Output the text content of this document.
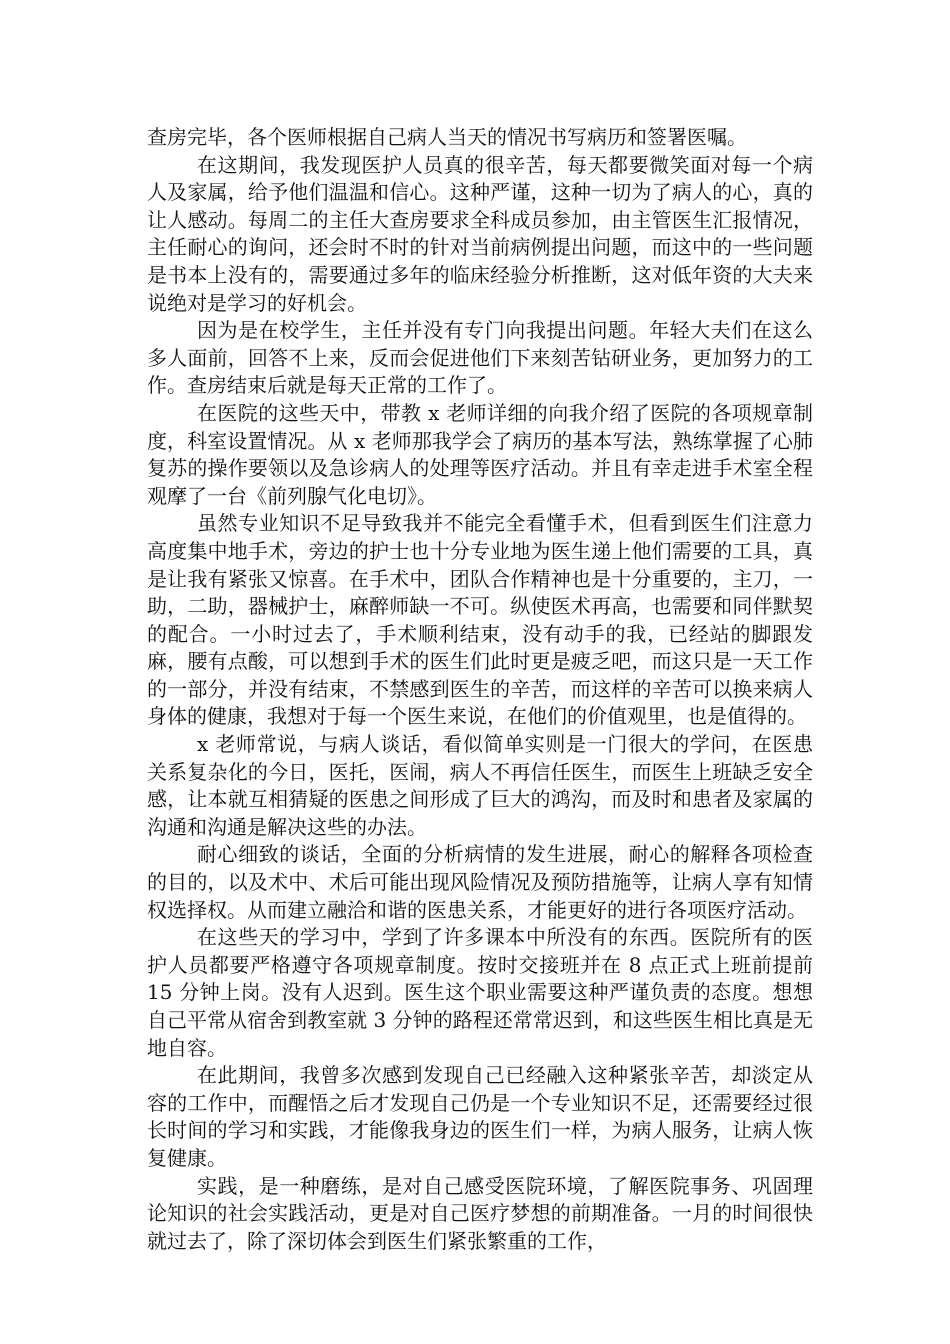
查房完毕，各个医师根据自己病人当天的情况书写病历和签署医嘱。

在这期间，我发现医护人员真的很辛苦，每天都要微笑面对每一个病人及家属，给予他们温温和信心。这种严谨，这种一切为了病人的心，真的让人感动。每周二的主任大查房要求全科成员参加，由主管医生汇报情况，主任耐心的询问，还会时不时的针对当前病例提出问题，而这中的一些问题是书本上没有的，需要通过多年的临床经验分析推断，这对低年资的大夫来说绝对是学习的好机会。

因为是在校学生，主任并没有专门向我提出问题。年轻大夫们在这么多人面前，回答不上来，反而会促进他们下来刻苦钻研业务，更加努力的工作。查房结束后就是每天正常的工作了。

在医院的这些天中，带教 x 老师详细的向我介绍了医院的各项规章制度，科室设置情况。从 x 老师那我学会了病历的基本写法，熟练掌握了心肺复苏的操作要领以及急诊病人的处理等医疗活动。并且有幸走进手术室全程观摩了一台《前列腺气化电切》。

虽然专业知识不足导致我并不能完全看懂手术，但看到医生们注意力高度集中地手术，旁边的护士也十分专业地为医生递上他们需要的工具，真是让我有紧张又惊喜。在手术中，团队合作精神也是十分重要的，主刀，一助，二助，器械护士，麻醉师缺一不可。纵使医术再高，也需要和同伴默契的配合。一小时过去了，手术顺利结束，没有动手的我，已经站的脚跟发麻，腰有点酸，可以想到手术的医生们此时更是疲乏吧，而这只是一天工作的一部分，并没有结束，不禁感到医生的辛苦，而这样的辛苦可以换来病人身体的健康，我想对于每一个医生来说，在他们的价值观里，也是值得的。

x 老师常说，与病人谈话，看似简单实则是一门很大的学问，在医患关系复杂化的今日，医托，医闹，病人不再信任医生，而医生上班缺乏安全感，让本就互相猜疑的医患之间形成了巨大的鸿沟，而及时和患者及家属的沟通和沟通是解决这些的办法。

耐心细致的谈话，全面的分析病情的发生进展，耐心的解释各项检查的目的，以及术中、术后可能出现风险情况及预防措施等，让病人享有知情权选择权。从而建立融洽和谐的医患关系，才能更好的进行各项医疗活动。

在这些天的学习中，学到了许多课本中所没有的东西。医院所有的医护人员都要严格遵守各项规章制度。按时交接班并在 8 点正式上班前提前 15 分钟上岗。没有人迟到。医生这个职业需要这种严谨负责的态度。想想自己平常从宿舍到教室就 3 分钟的路程还常常迟到，和这些医生相比真是无地自容。

在此期间，我曾多次感到发现自己已经融入这种紧张辛苦，却淡定从容的工作中，而醒悟之后才发现自己仍是一个专业知识不足，还需要经过很长时间的学习和实践，才能像我身边的医生们一样，为病人服务，让病人恢复健康。

实践，是一种磨练，是对自己感受医院环境，了解医院事务、巩固理论知识的社会实践活动，更是对自己医疗梦想的前期准备。一月的时间很快就过去了，除了深切体会到医生们紧张繁重的工作，
